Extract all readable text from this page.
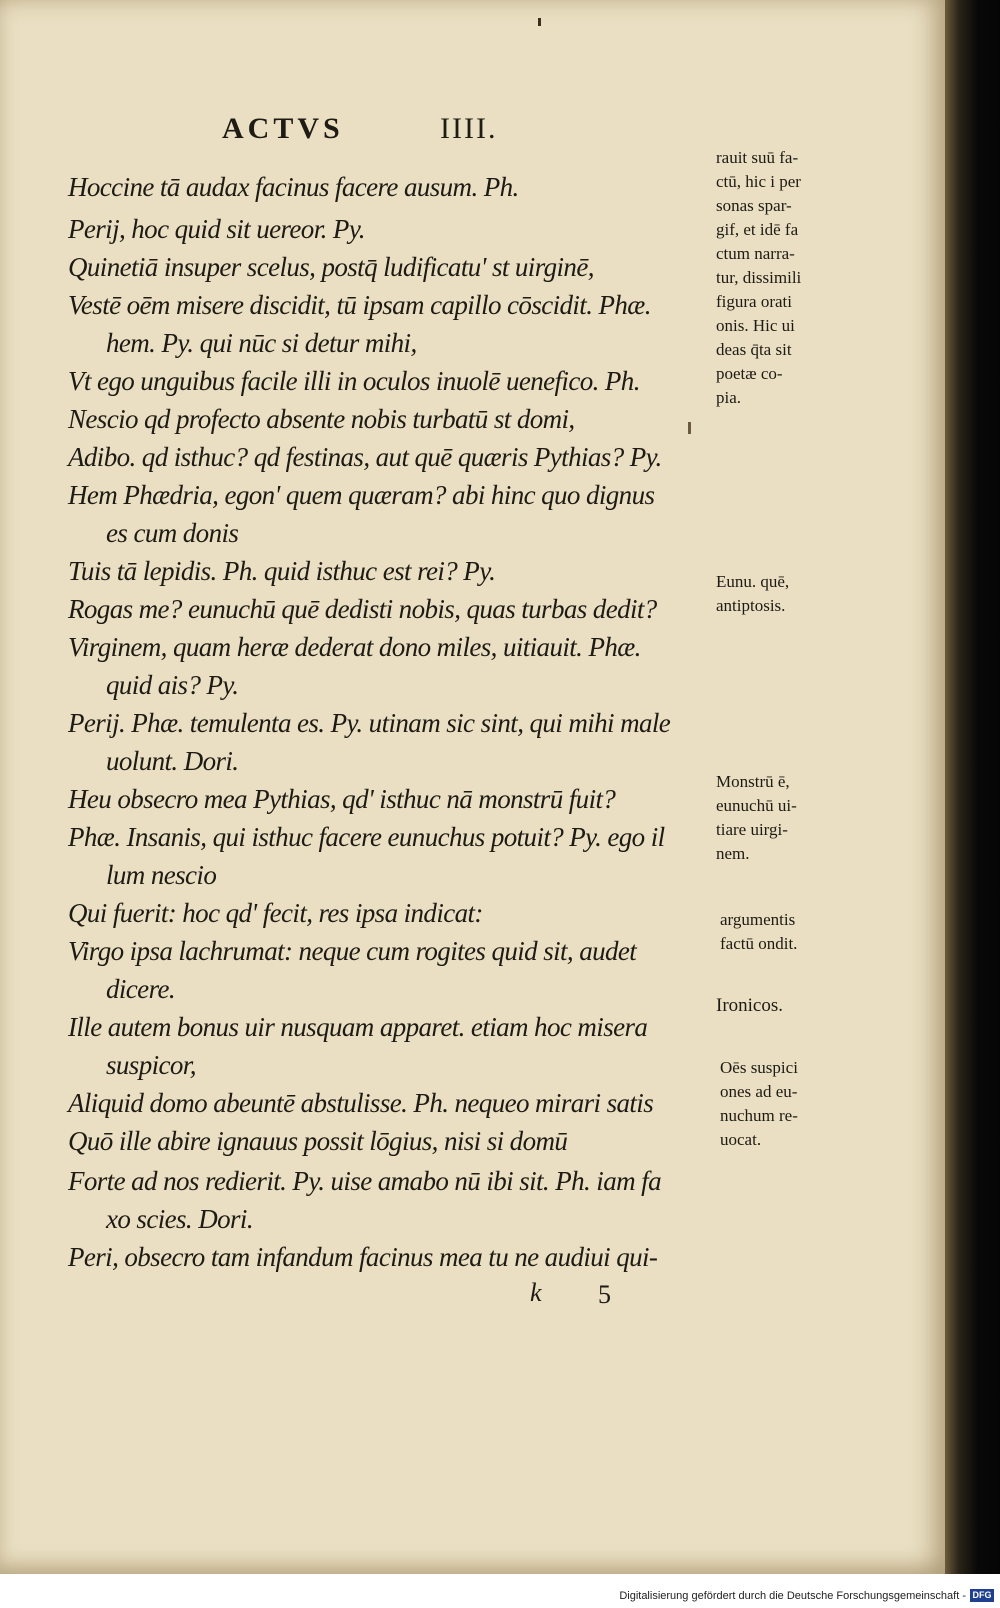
ACTVS	IIII.
Hoccine tā audax facinus facere ausum. Ph.
Perij, hoc quid sit uereor. Py.
Quinetiā insuper scelus, postq̄ ludificatu' st uirginē,
Vestē oēm misere discidit, tū ipsam capillo cōscidit. Phæ.
hem. Py. qui nūc si detur mihi,
Vt ego unguibus facile illi in oculos inuolē uenefico. Ph.
Nescio qd profecto absente nobis turbatū st domi,
Adibo. qd isthuc? qd festinas, aut quē quæris Pythias? Py.
Hem Phædria, egon' quem quæram? abi hinc quo dignus
es cum donis
Tuis tā lepidis. Ph. quid isthuc est rei? Py.
Rogas me? eunuchū quē dedisti nobis, quas turbas dedit?
Virginem, quam heræ dederat dono miles, uitiauit. Phæ.
quid ais? Py.
Perij. Phæ. temulenta es. Py. utinam sic sint, qui mihi male
uolunt. Dori.
Heu obsecro mea Pythias, qd' isthuc nā monstrū fuit?
Phæ. Insanis, qui isthuc facere eunuchus potuit? Py. ego il
lum nescio
Qui fuerit: hoc qd' fecit, res ipsa indicat:
Virgo ipsa lachrumat: neque cum rogites quid sit, audet
dicere.
Ille autem bonus uir nusquam apparet. etiam hoc misera
suspicor,
Aliquid domo abeuntē abstulisse. Ph. nequeo mirari satis
Quō ille abire ignauus possit lōgius, nisi si domū
Forte ad nos redierit. Py. uise amabo nū ibi sit. Ph. iam fa
xo scies. Dori.
Peri, obsecro tam infandum facinus mea tu ne audiui qui-
rauit suū fa-
ctū, hic i per
sonas spar-
gif, et idē fa
ctum narra-
tur, dissimili
figura orati
onis. Hic ui
deas q̄ta sit
poetæ co-
pia.
Eunu. quē,
antiptosis.
Monstrū ē,
eunuchū ui-
tiare uirgi-
nem.
argumentis
factū ondit.
Ironicos.
Oēs suspici
ones ad eu-
nuchum re-
uocat.
k 5
Digitalisierung gefördert durch die Deutsche Forschungsgemeinschaft - DFG
